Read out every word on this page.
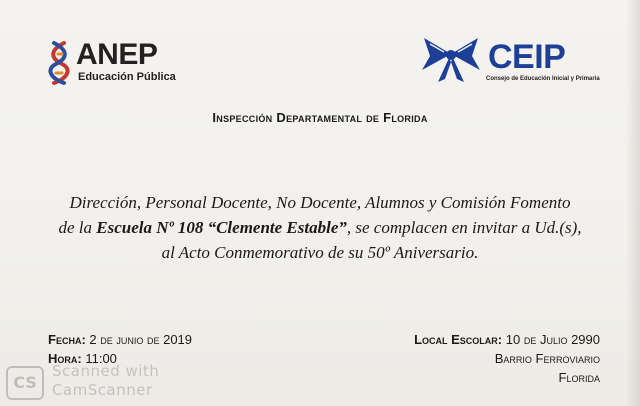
ANEP
Educación Pública
CEIP
Consejo de Educación Inicial y Primaria
Inspección Departamental de Florida
Dirección, Personal Docente, No Docente, Alumnos y Comisión Fomento
de la Escuela Nº 108 “Clemente Estable”, se complacen en invitar a Ud.(s),
al Acto Conmemorativo de su 50º Aniversario.
Fecha: 2 de junio de 2019
Hora: 11:00
Local Escolar: 10 de Julio 2990
Barrio Ferroviario
Florida
CS
Scanned with
CamScanner
